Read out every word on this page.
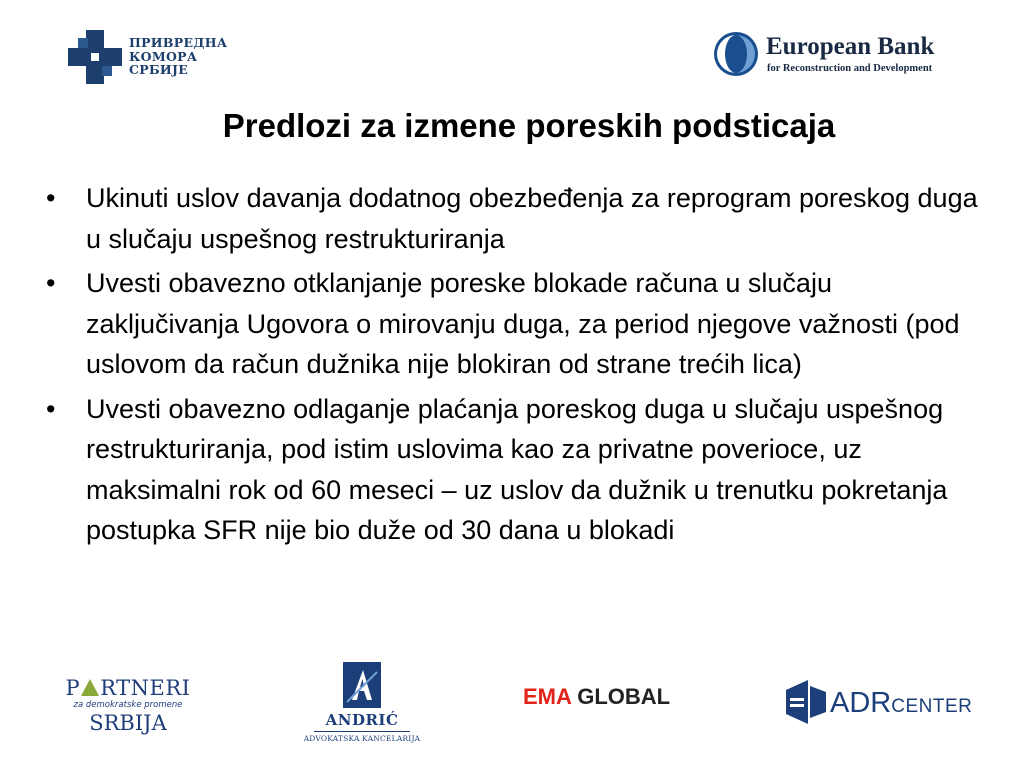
ПРИВРЕДНА
КОМОРА
СРБИЈЕ
European Bank
for Reconstruction and Development
Predlozi za izmene poreskih podsticaja
• Ukinuti uslov davanja dodatnog obezbeđenja za reprogram poreskog duga u slučaju uspešnog restrukturiranja
• Uvesti obavezno otklanjanje poreske blokade računa u slučaju zaključivanja Ugovora o mirovanju duga, za period njegove važnosti (pod uslovom da račun dužnika nije blokiran od strane trećih lica)
• Uvesti obavezno odlaganje plaćanja poreskog duga u slučaju uspešnog restrukturiranja, pod istim uslovima kao za privatne poverioce, uz maksimalni rok od 60 meseci – uz uslov da dužnik u trenutku pokretanja postupka SFR nije bio duže od 30 dana u blokadi
P RTNERI
za demokratske promene
SRBIJA	ANDRIĆ
ADVOKATSKA KANCELARIJA
EMA GLOBAL	ADRCENTER
